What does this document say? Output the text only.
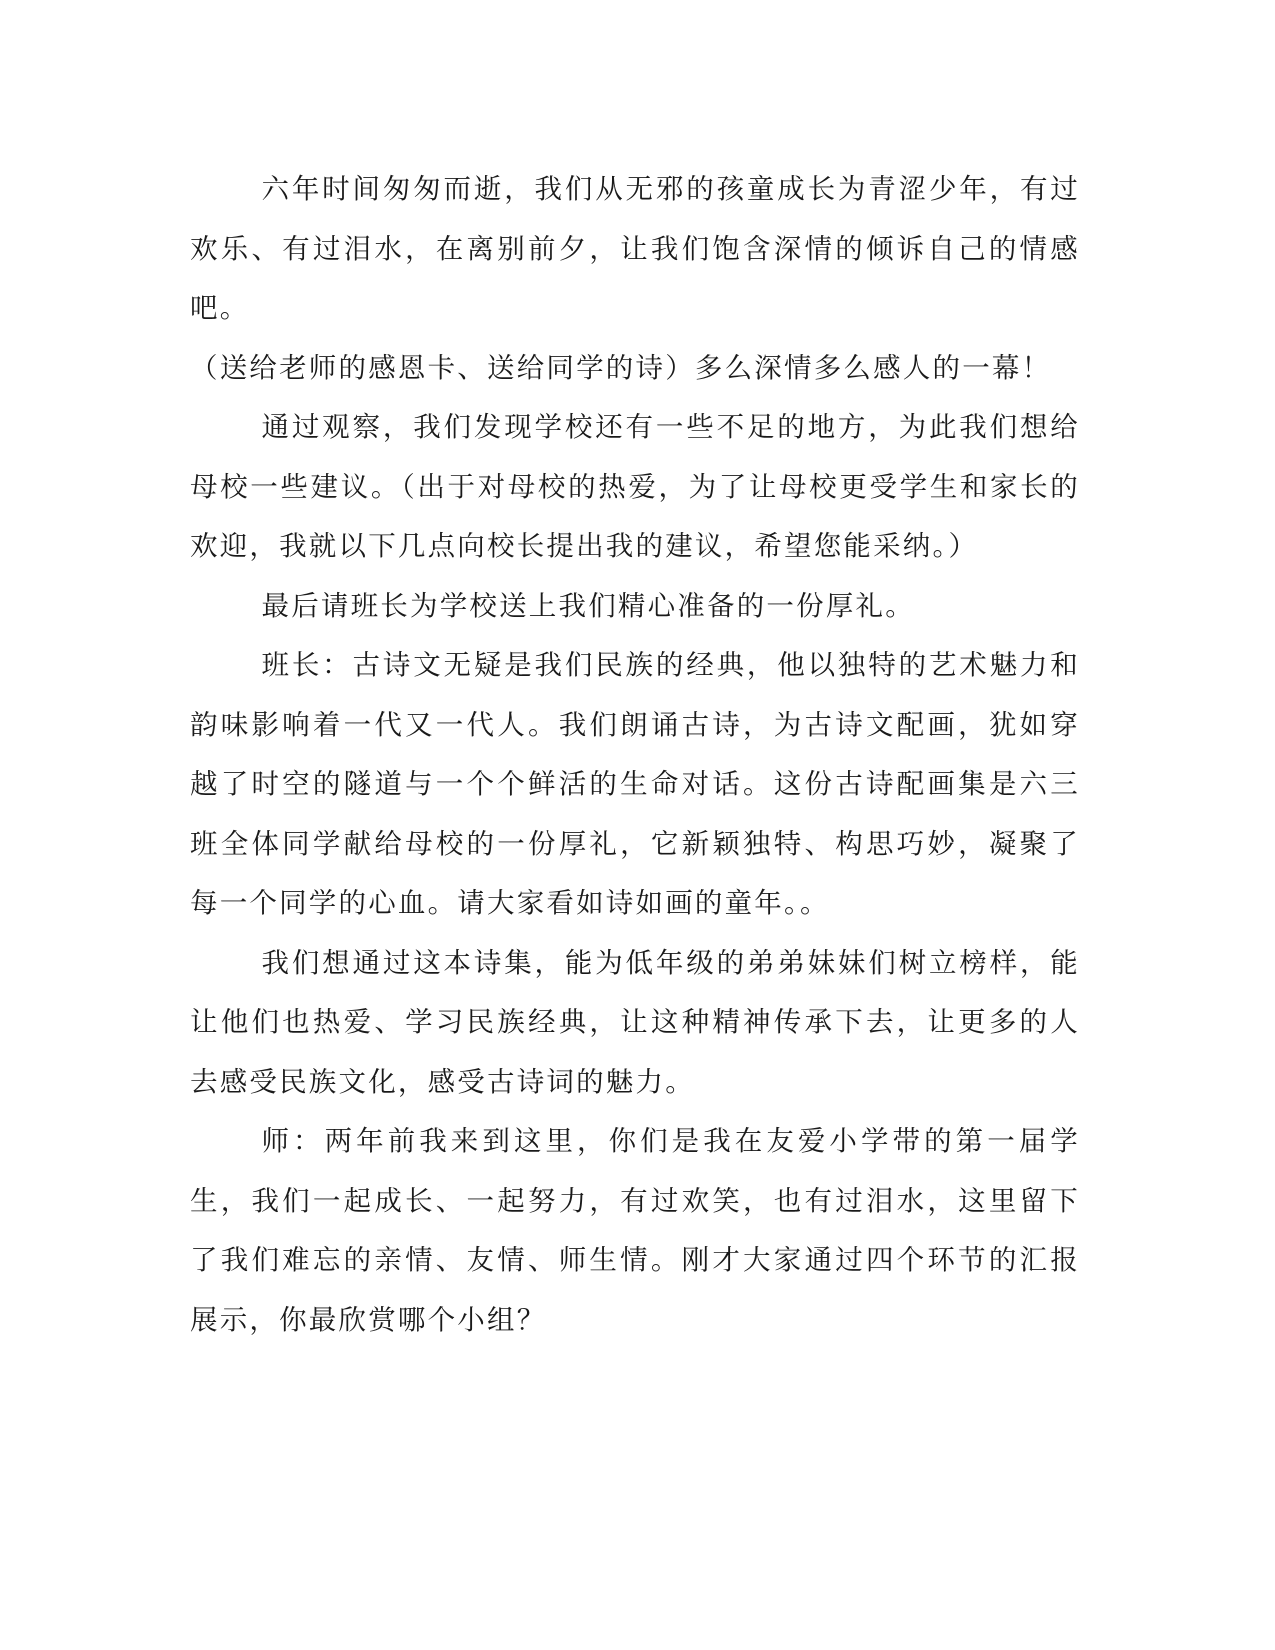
六年时间匆匆而逝，我们从无邪的孩童成长为青涩少年，有过欢乐、有过泪水，在离别前夕，让我们饱含深情的倾诉自己的情感吧。

（送给老师的感恩卡、送给同学的诗）多么深情多么感人的一幕！

通过观察，我们发现学校还有一些不足的地方，为此我们想给母校一些建议。（出于对母校的热爱，为了让母校更受学生和家长的欢迎，我就以下几点向校长提出我的建议，希望您能采纳。）

最后请班长为学校送上我们精心准备的一份厚礼。

班长：古诗文无疑是我们民族的经典，他以独特的艺术魅力和韵味影响着一代又一代人。我们朗诵古诗，为古诗文配画，犹如穿越了时空的隧道与一个个鲜活的生命对话。这份古诗配画集是六三班全体同学献给母校的一份厚礼，它新颖独特、构思巧妙，凝聚了每一个同学的心血。请大家看如诗如画的童年。。

我们想通过这本诗集，能为低年级的弟弟妹妹们树立榜样，能让他们也热爱、学习民族经典，让这种精神传承下去，让更多的人去感受民族文化，感受古诗词的魅力。

师：两年前我来到这里，你们是我在友爱小学带的第一届学生，我们一起成长、一起努力，有过欢笑，也有过泪水，这里留下了我们难忘的亲情、友情、师生情。刚才大家通过四个环节的汇报展示，你最欣赏哪个小组？
